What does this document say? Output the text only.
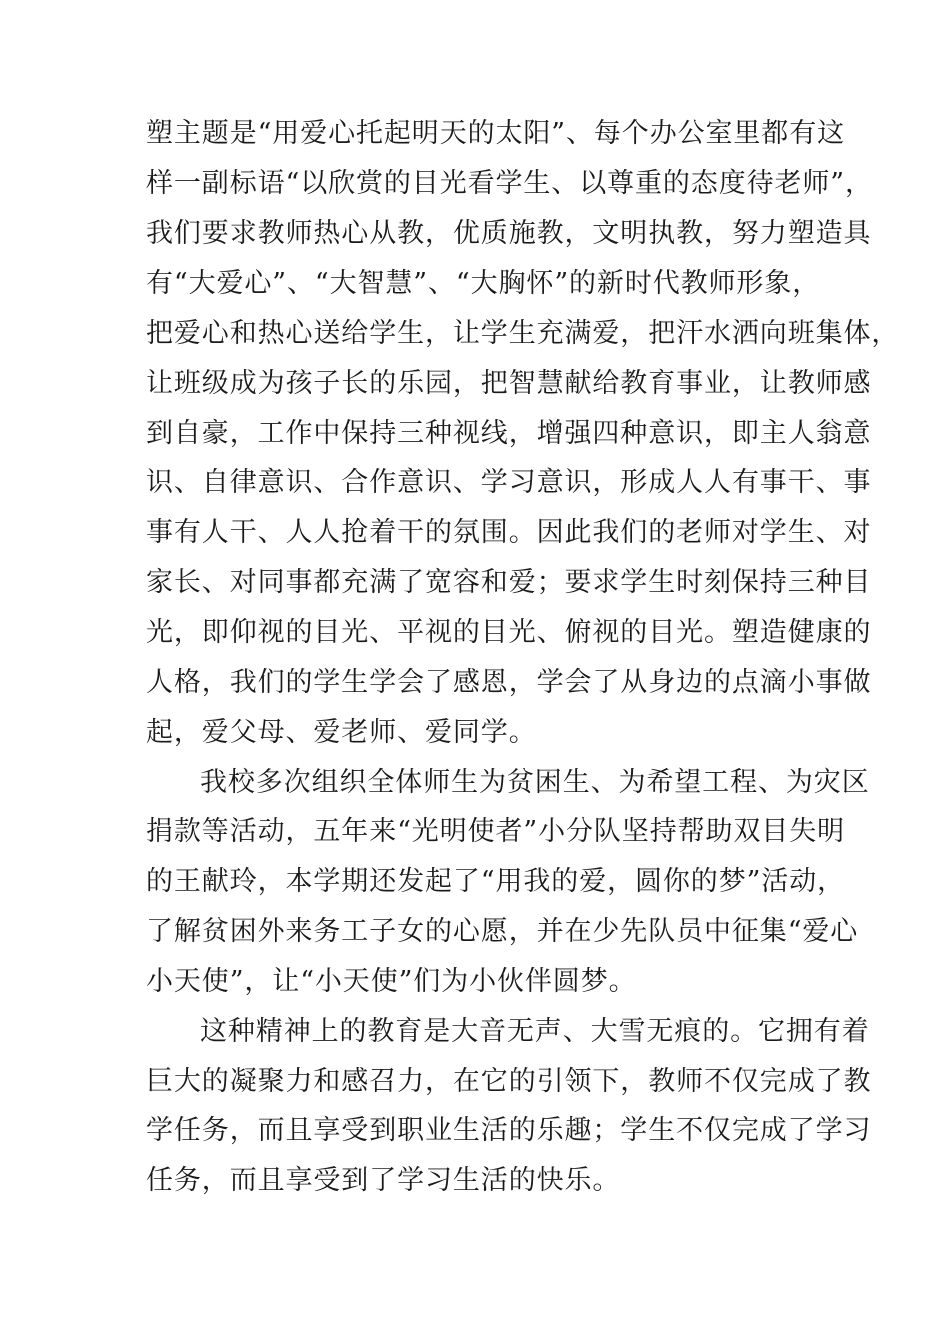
塑主题是“用爱心托起明天的太阳”、每个办公室里都有这
样一副标语“以欣赏的目光看学生、以尊重的态度待老师”，
我们要求教师热心从教，优质施教，文明执教，努力塑造具
有“大爱心”、“大智慧”、“大胸怀”的新时代教师形象，
把爱心和热心送给学生，让学生充满爱，把汗水洒向班集体，
让班级成为孩子长的乐园，把智慧献给教育事业，让教师感
到自豪，工作中保持三种视线，增强四种意识，即主人翁意
识、自律意识、合作意识、学习意识，形成人人有事干、事
事有人干、人人抢着干的氛围。因此我们的老师对学生、对
家长、对同事都充满了宽容和爱；要求学生时刻保持三种目
光，即仰视的目光、平视的目光、俯视的目光。塑造健康的
人格，我们的学生学会了感恩，学会了从身边的点滴小事做
起，爱父母、爱老师、爱同学。
我校多次组织全体师生为贫困生、为希望工程、为灾区
捐款等活动，五年来“光明使者”小分队坚持帮助双目失明
的王献玲，本学期还发起了“用我的爱，圆你的梦”活动，
了解贫困外来务工子女的心愿，并在少先队员中征集“爱心
小天使”，让“小天使”们为小伙伴圆梦。
这种精神上的教育是大音无声、大雪无痕的。它拥有着
巨大的凝聚力和感召力，在它的引领下，教师不仅完成了教
学任务，而且享受到职业生活的乐趣；学生不仅完成了学习
任务，而且享受到了学习生活的快乐。
